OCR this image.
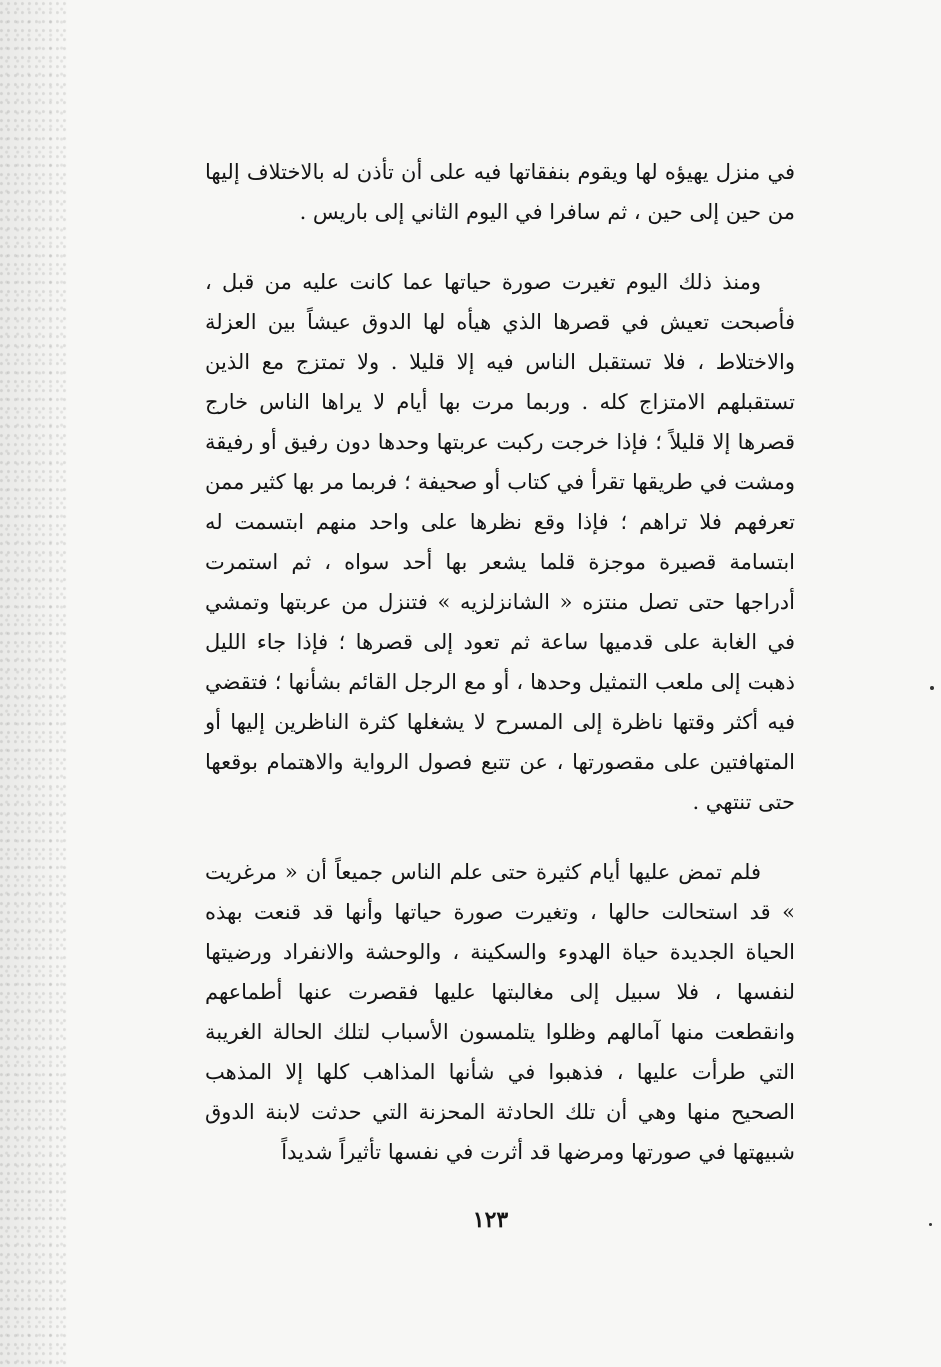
في منزل يهيؤه لها ويقوم بنفقاتها فيه على أن تأذن له بالاختلاف إليها من حين إلى حين ، ثم سافرا في اليوم الثاني إلى باريس .

ومنذ ذلك اليوم تغيرت صورة حياتها عما كانت عليه من قبل ، فأصبحت تعيش في قصرها الذي هيأه لها الدوق عيشاً بين العزلة والاختلاط ، فلا تستقبل الناس فيه إلا قليلا . ولا تمتزج مع الذين تستقبلهم الامتزاج كله . وربما مرت بها أيام لا يراها الناس خارج قصرها إلا قليلاً ؛ فإذا خرجت ركبت عربتها وحدها دون رفيق أو رفيقة ومشت في طريقها تقرأ في كتاب أو صحيفة ؛ فربما مر بها كثير ممن تعرفهم فلا تراهم ؛ فإذا وقع نظرها على واحد منهم ابتسمت له ابتسامة قصيرة موجزة قلما يشعر بها أحد سواه ، ثم استمرت أدراجها حتى تصل منتزه « الشانزلزيه » فتنزل من عربتها وتمشي في الغابة على قدميها ساعة ثم تعود إلى قصرها ؛ فإذا جاء الليل ذهبت إلى ملعب التمثيل وحدها ، أو مع الرجل القائم بشأنها ؛ فتقضي فيه أكثر وقتها ناظرة إلى المسرح لا يشغلها كثرة الناظرين إليها أو المتهافتين على مقصورتها ، عن تتبع فصول الرواية والاهتمام بوقعها حتى تنتهي .

فلم تمض عليها أيام كثيرة حتى علم الناس جميعاً أن « مرغريت » قد استحالت حالها ، وتغيرت صورة حياتها وأنها قد قنعت بهذه الحياة الجديدة حياة الهدوء والسكينة ، والوحشة والانفراد ورضيتها لنفسها ، فلا سبيل إلى مغالبتها عليها فقصرت عنها أطماعهم وانقطعت منها آمالهم وظلوا يتلمسون الأسباب لتلك الحالة الغريبة التي طرأت عليها ، فذهبوا في شأنها المذاهب كلها إلا المذهب الصحيح منها وهي أن تلك الحادثة المحزنة التي حدثت لابنة الدوق شبيهتها في صورتها ومرضها قد أثرت في نفسها تأثيراً شديداً

١٢٣
